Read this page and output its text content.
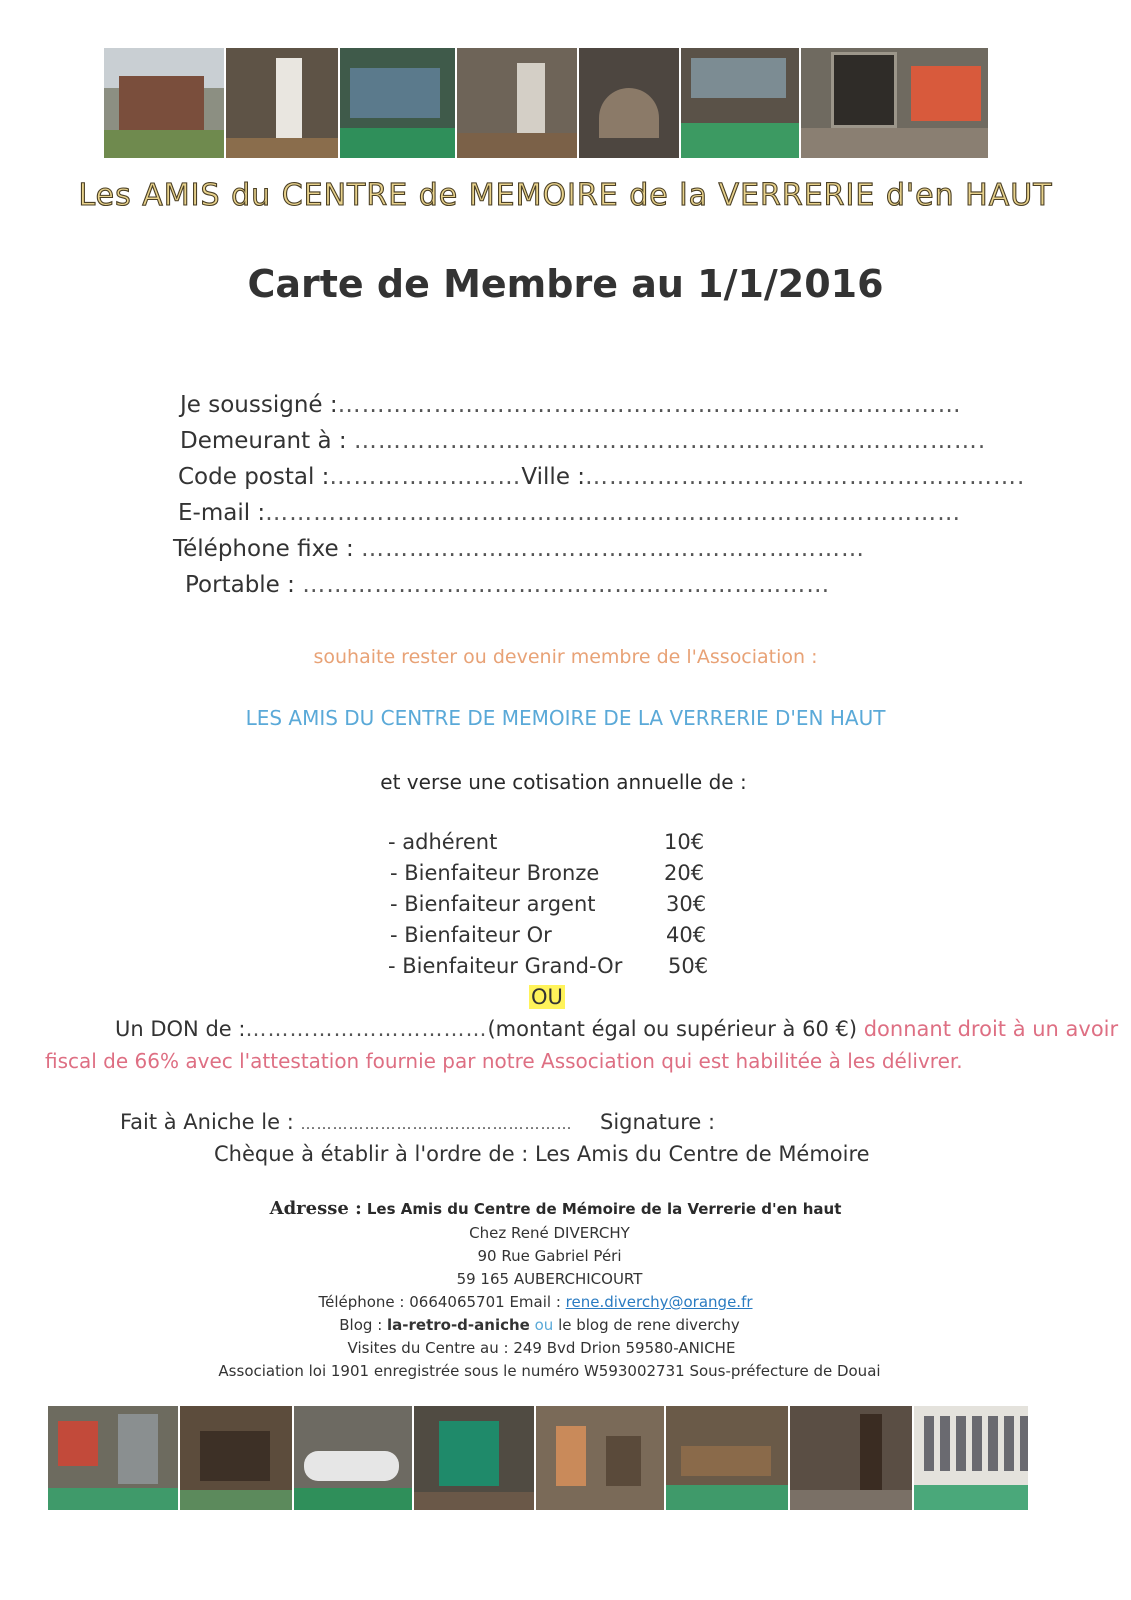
Les AMIS du CENTRE de MEMOIRE de la VERRERIE d'en HAUT
Carte de Membre au 1/1/2016
Je soussigné :……………………………………………………………………
Demeurant à : …………………………………………………………………….
Code postal :……………………Ville :……………………………………………….
E-mail :……………………………………………………………………………
Téléphone fixe : ………………………………………………………
Portable : …………………………………………………………
souhaite rester ou devenir membre de l'Association :
LES AMIS DU CENTRE DE MEMOIRE DE LA VERRERIE D'EN HAUT
et verse une cotisation annuelle de :
- adhérent	10€
- Bienfaiteur Bronze	20€
- Bienfaiteur argent	30€
- Bienfaiteur Or	40€
- Bienfaiteur Grand-Or 50€
OU
Un DON de :……………………………(montant égal ou supérieur à 60 €) donnant droit à un avoir
fiscal de 66% avec l'attestation fournie par notre Association qui est habilitée à les délivrer.
Fait à Aniche le : …………………………………………… Signature :
Chèque à établir à l'ordre de : Les Amis du Centre de Mémoire
Adresse : Les Amis du Centre de Mémoire de la Verrerie d'en haut
Chez René DIVERCHY
90 Rue Gabriel Péri
59 165 AUBERCHICOURT
Téléphone : 0664065701 Email : rene.diverchy@orange.fr
Blog : la-retro-d-aniche ou le blog de rene diverchy
Visites du Centre au : 249 Bvd Drion 59580-ANICHE
Association loi 1901 enregistrée sous le numéro W593002731 Sous-préfecture de Douai
